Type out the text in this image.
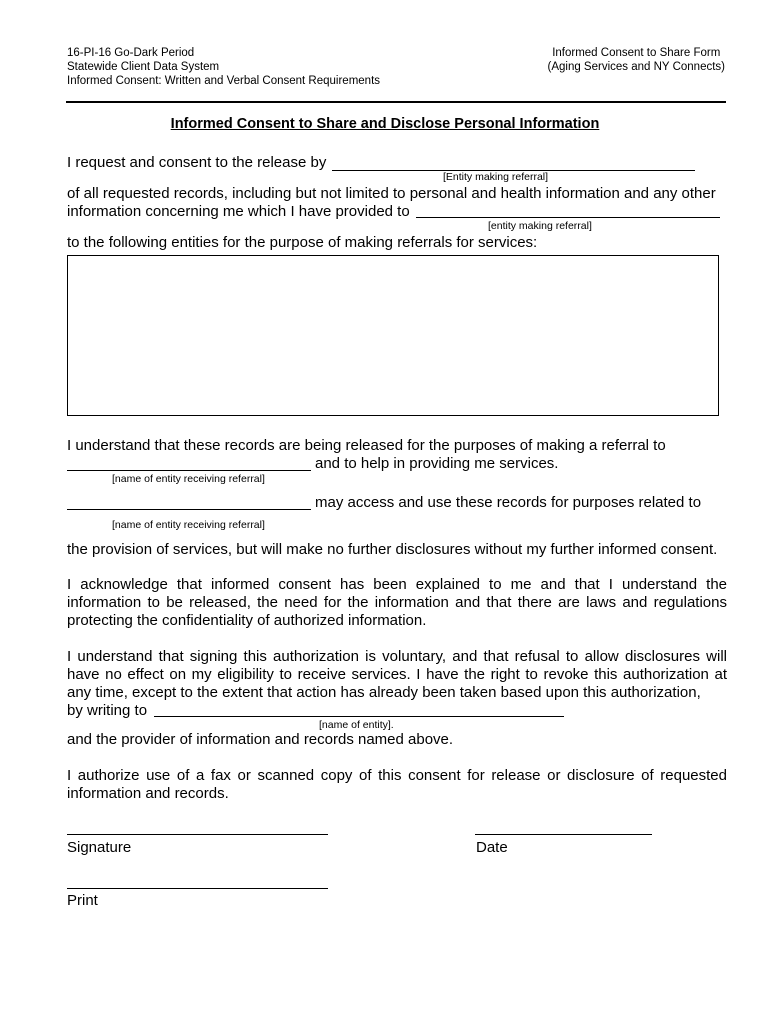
16-PI-16 Go-Dark Period
Statewide Client Data System
Informed Consent: Written and Verbal Consent Requirements
Informed Consent to Share Form
(Aging Services and NY Connects)
Informed Consent to Share and Disclose Personal Information
I request and consent to the release by
[Entity making referral]
of all requested records, including but not limited to personal and health information and any other
information concerning me which I have provided to
[entity making referral]
to the following entities for the purpose of making referrals for services:
I understand that these records are being released for the purposes of making a referral to
and to help in providing me services.
[name of entity receiving referral]
may access and use these records for purposes related to
[name of entity receiving referral]
the provision of services, but will make no further disclosures without my further informed consent.
I acknowledge that informed consent has been explained to me and that I understand the information to be released, the need for the information and that there are laws and regulations protecting the confidentiality of authorized information.
I understand that signing this authorization is voluntary, and that refusal to allow disclosures will have no effect on my eligibility to receive services. I have the right to revoke this authorization at any time, except to the extent that action has already been taken based upon this authorization,
by writing to
[name of entity].
and the provider of information and records named above.
I authorize use of a fax or scanned copy of this consent for release or disclosure of requested information and records.
Signature	Date
Print
